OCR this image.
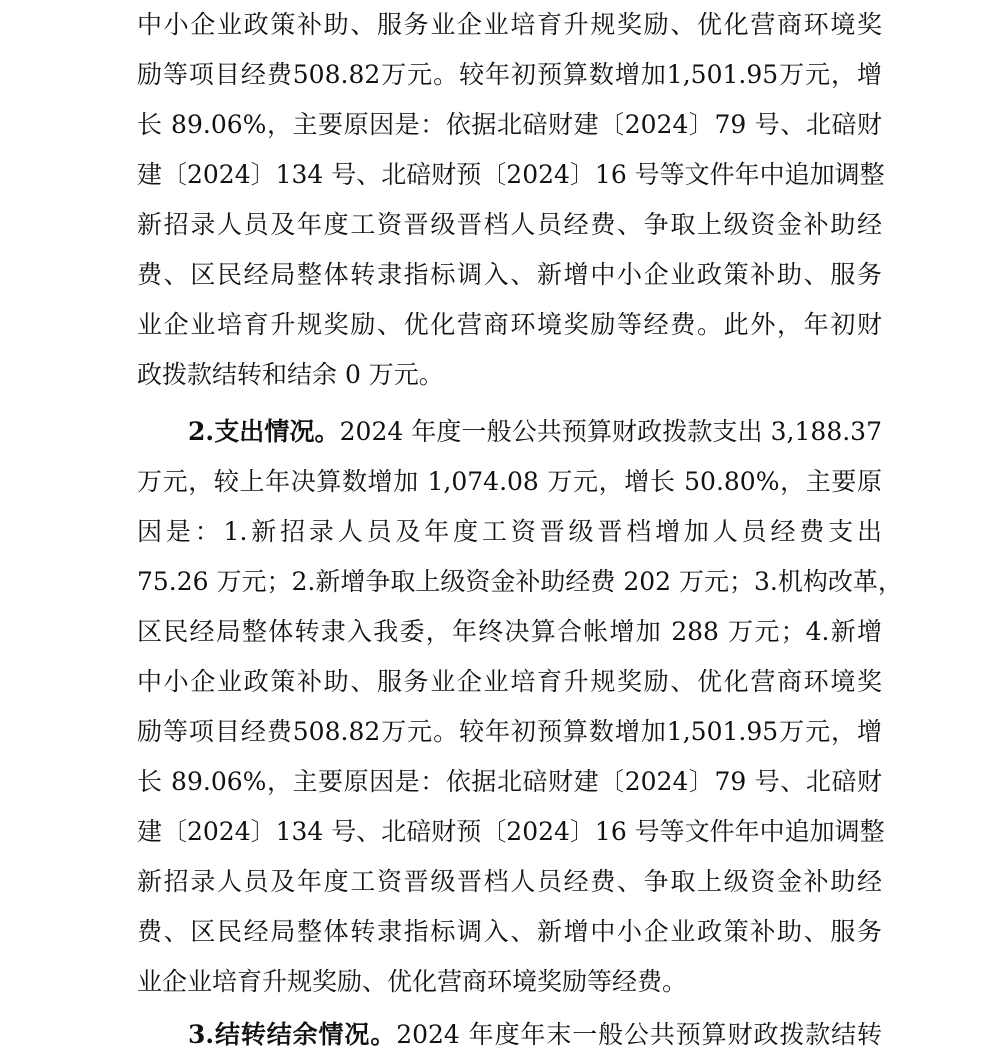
中小企业政策补助、服务业企业培育升规奖励、优化营商环境奖
励等项目经费508.82万元。较年初预算数增加1,501.95万元，增
长 89.06%，主要原因是：依据北碚财建〔2024〕79 号、北碚财
建〔2024〕134 号、北碚财预〔2024〕16 号等文件年中追加调整
新招录人员及年度工资晋级晋档人员经费、争取上级资金补助经
费、区民经局整体转隶指标调入、新增中小企业政策补助、服务
业企业培育升规奖励、优化营商环境奖励等经费。此外，年初财
政拨款结转和结余 0 万元。
2.支出情况。2024 年度一般公共预算财政拨款支出 3,188.37
万元，较上年决算数增加 1,074.08 万元，增长 50.80%，主要原
因是：1.新招录人员及年度工资晋级晋档增加人员经费支出
75.26 万元；2.新增争取上级资金补助经费 202 万元；3.机构改革，
区民经局整体转隶入我委，年终决算合帐增加 288 万元；4.新增
中小企业政策补助、服务业企业培育升规奖励、优化营商环境奖
励等项目经费508.82万元。较年初预算数增加1,501.95万元，增
长 89.06%，主要原因是：依据北碚财建〔2024〕79 号、北碚财
建〔2024〕134 号、北碚财预〔2024〕16 号等文件年中追加调整
新招录人员及年度工资晋级晋档人员经费、争取上级资金补助经
费、区民经局整体转隶指标调入、新增中小企业政策补助、服务
业企业培育升规奖励、优化营商环境奖励等经费。
3.结转结余情况。2024 年度年末一般公共预算财政拨款结转
